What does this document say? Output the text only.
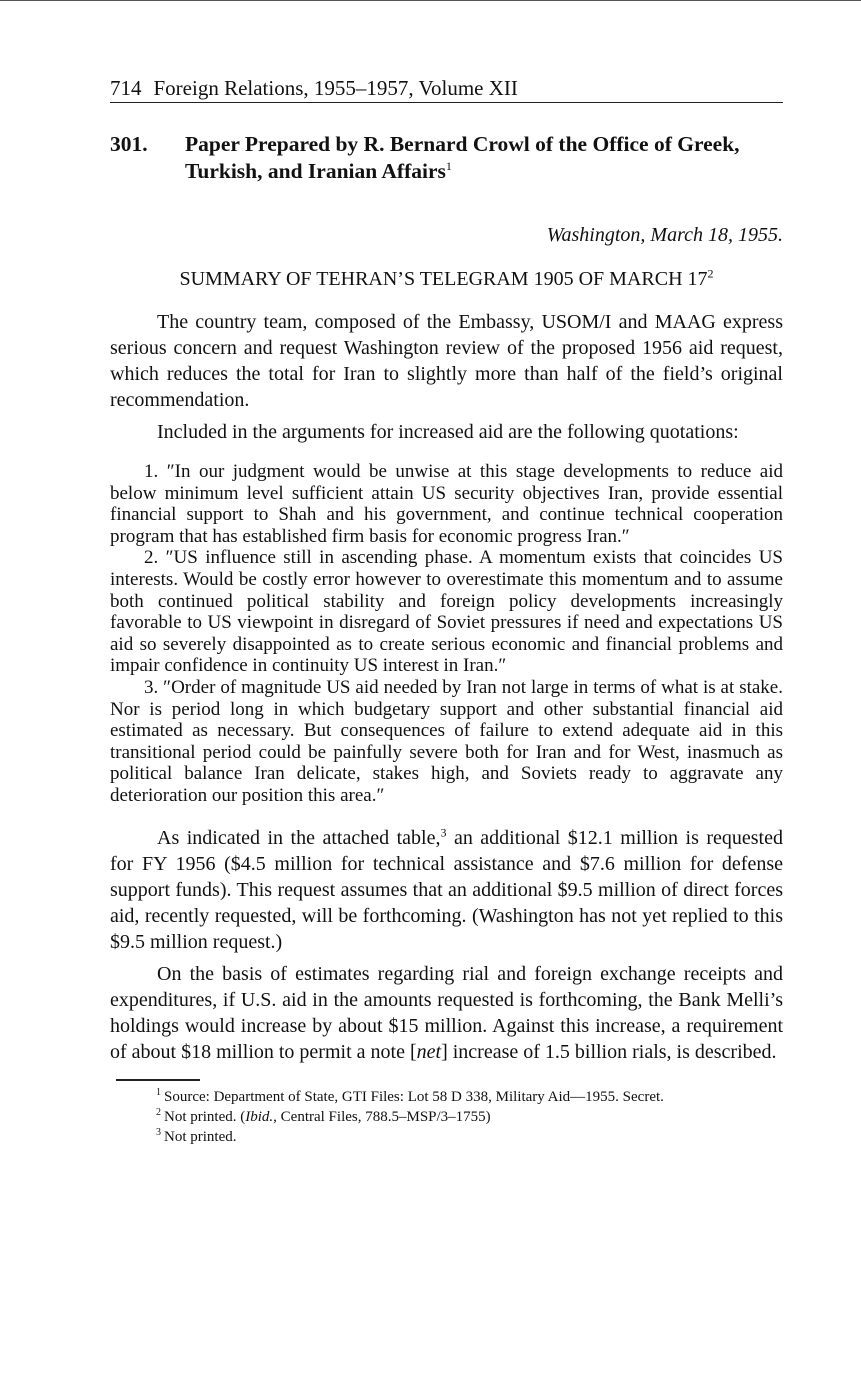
714 Foreign Relations, 1955–1957, Volume XII
301.	Paper Prepared by R. Bernard Crowl of the Office of Greek, Turkish, and Iranian Affairs$^1$
Washington, March 18, 1955.
SUMMARY OF TEHRAN’S TELEGRAM 1905 OF MARCH $17^2$

The country team, composed of the Embassy, USOM/I and MAAG express serious concern and request Washington review of the proposed 1956 aid request, which reduces the total for Iran to slightly more than half of the field’s original recommendation.

Included in the arguments for increased aid are the following quotations:

1. ″In our judgment would be unwise at this stage developments to reduce aid below minimum level sufficient attain US security objectives Iran, provide essential financial support to Shah and his government, and continue technical cooperation program that has established firm basis for economic progress Iran.″

2. ″US influence still in ascending phase. A momentum exists that coincides US interests. Would be costly error however to overestimate this momentum and to assume both continued political stability and foreign policy developments increasingly favorable to US viewpoint in disregard of Soviet pressures if need and expectations US aid so severely disappointed as to create serious economic and financial problems and impair confidence in continuity US interest in Iran.″

3. ″Order of magnitude US aid needed by Iran not large in terms of what is at stake. Nor is period long in which budgetary support and other substantial financial aid estimated as necessary. But consequences of failure to extend adequate aid in this transitional period could be painfully severe both for Iran and for West, inasmuch as political balance Iran delicate, stakes high, and Soviets ready to aggravate any deterioration our position this area.″

As indicated in the attached table,$^3$ an additional $12.1 million is requested for FY 1956 ($4.5 million for technical assistance and $7.6 million for defense support funds). This request assumes that an additional $9.5 million of direct forces aid, recently requested, will be forthcoming. (Washington has not yet replied to this $9.5 million request.)

On the basis of estimates regarding rial and foreign exchange receipts and expenditures, if U.S. aid in the amounts requested is forthcoming, the Bank Melli’s holdings would increase by about $15 million. Against this increase, a requirement of about $18 million to permit a note [net] increase of 1.5 billion rials, is described.

$^1$ Source: Department of State, GTI Files: Lot 58 D 338, Military Aid—1955. Secret.
$^2$ Not printed. (Ibid., Central Files, 788.5–MSP/3–1755)
$^3$ Not printed.
